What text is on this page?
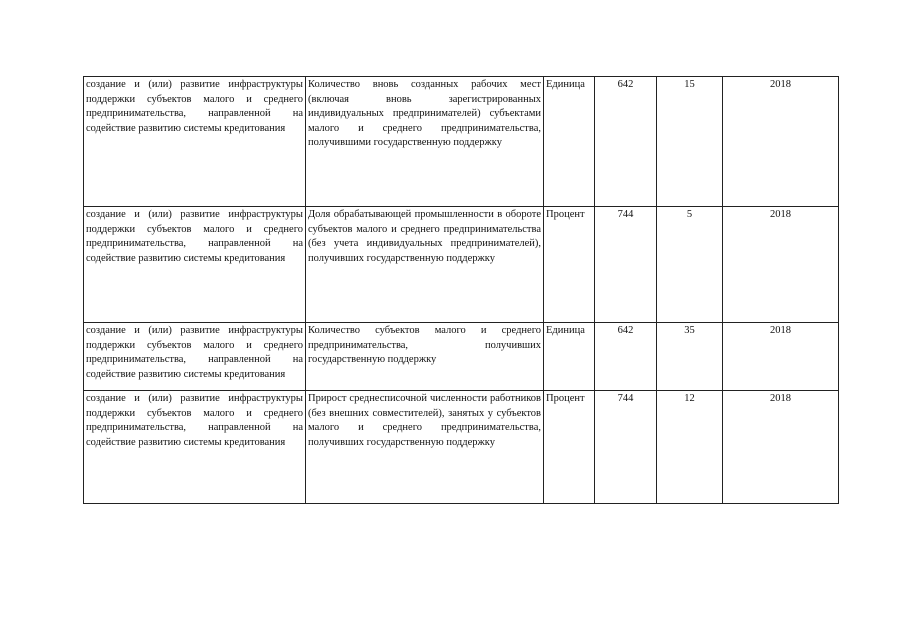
создание и (или) развитие инфраструктуры поддержки субъектов малого и среднего предпринимательства, направленной на содействие развитию системы кредитования	Количество вновь созданных рабочих мест (включая вновь зарегистрированных индивидуальных предпринимателей) субъектами малого и среднего предпринимательства, получившими государственную поддержку	Единица	642	15	2018

создание и (или) развитие инфраструктуры поддержки субъектов малого и среднего предпринимательства, направленной на содействие развитию системы кредитования	Доля обрабатывающей промышленности в обороте субъектов малого и среднего предпринимательства (без учета индивидуальных предпринимателей), получивших государственную поддержку	Процент	744	5	2018

создание и (или) развитие инфраструктуры поддержки субъектов малого и среднего предпринимательства, направленной на содействие развитию системы кредитования	Количество субъектов малого и среднего предпринимательства, получивших государственную поддержку	Единица	642	35	2018

создание и (или) развитие инфраструктуры поддержки субъектов малого и среднего предпринимательства, направленной на содействие развитию системы кредитования	Прирост среднесписочной численности работников (без внешних совместителей), занятых у субъектов малого и среднего предпринимательства, получивших государственную поддержку	Процент	744	12	2018
